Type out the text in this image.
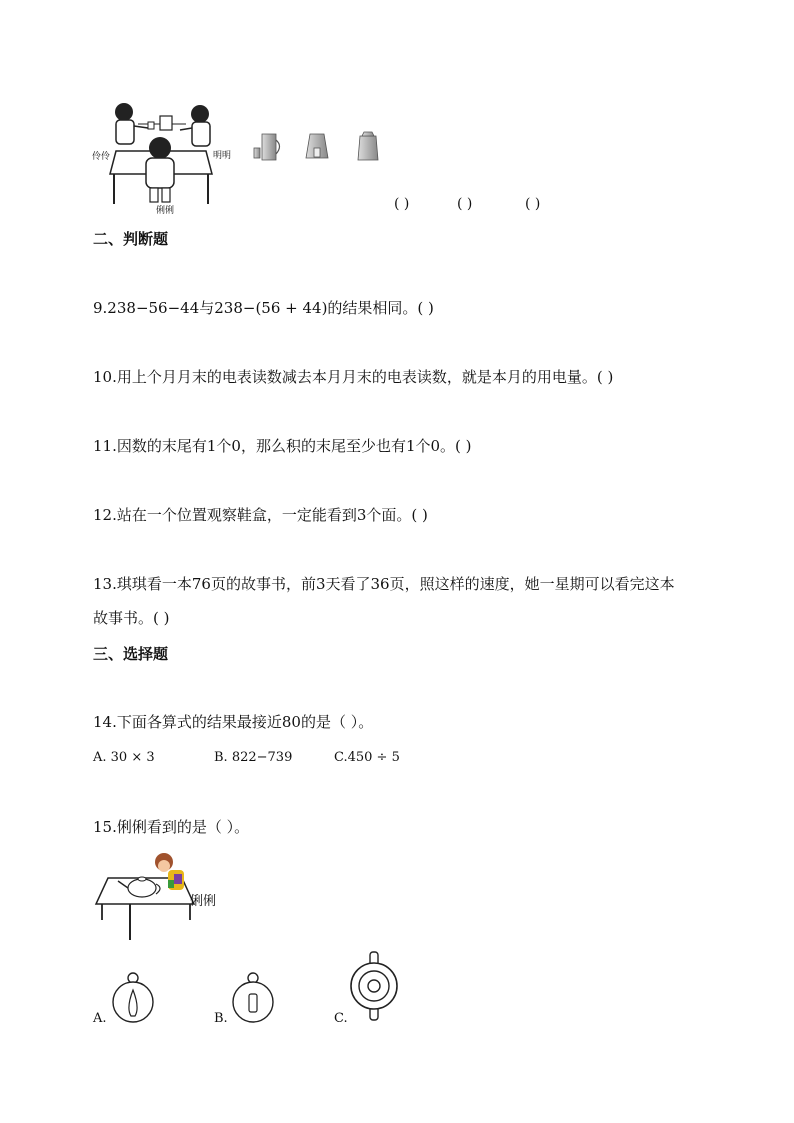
伶伶	明明
俐俐	( )	( )	( )
二、判断题
9.238−56−44与238−(56 + 44)的结果相同。( )
10.用上个月月末的电表读数减去本月月末的电表读数，就是本月的用电量。( )
11.因数的末尾有1个0，那么积的末尾至少也有1个0。( )
12.站在一个位置观察鞋盒，一定能看到3个面。( )
13.琪琪看一本76页的故事书，前3天看了36页，照这样的速度，她一星期可以看完这本
故事书。( )
三、选择题
14.下面各算式的结果最接近80的是（ ）。
A. 30 × 3	B. 822−739	C.450 ÷ 5
15.俐俐看到的是（ ）。
俐俐
A.	B.	C.
